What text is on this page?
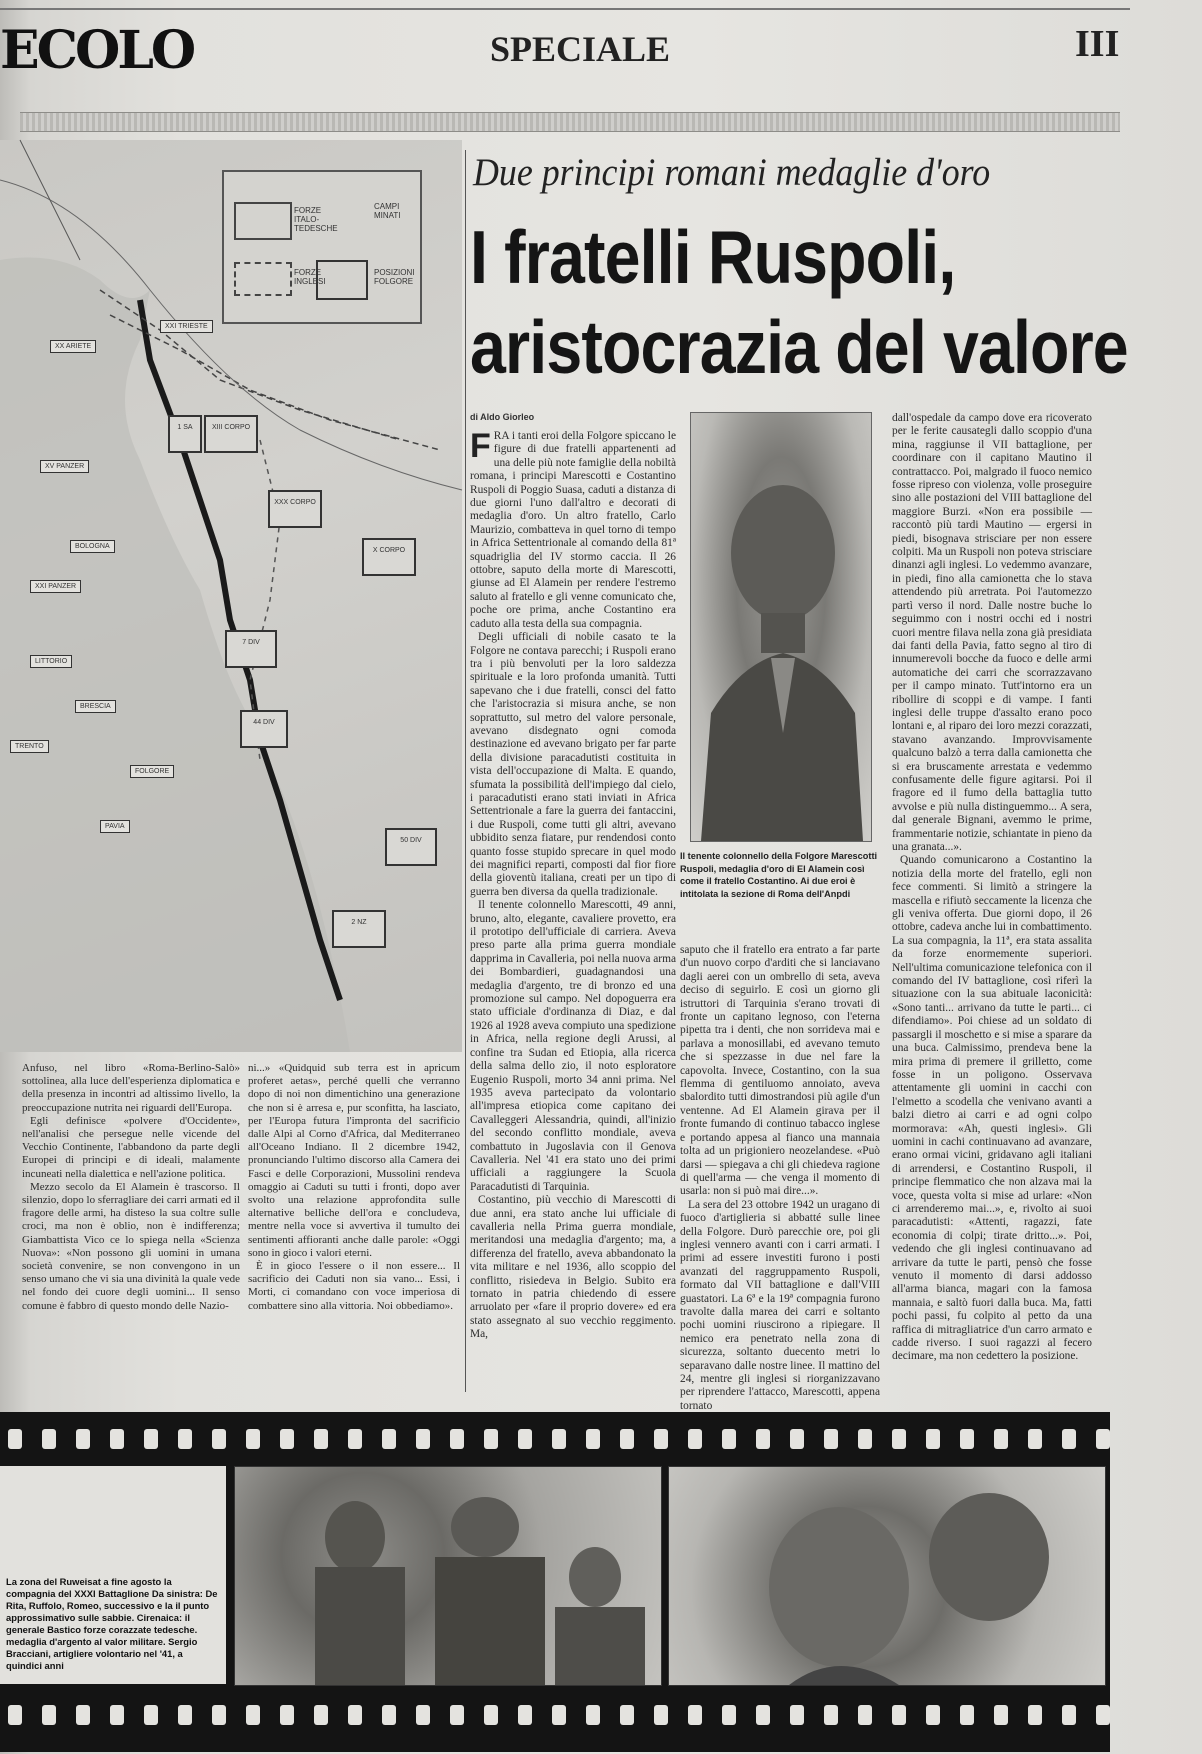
ECOLO	SPECIALE	III
FORZE ITALO-TEDESCHE
CAMPI MINATI
FORZE INGLESI
POSIZIONI FOLGORE
XX ARIETE
XXI TRIESTE
BOLOGNA
BRESCIA
PAVIA
FOLGORE
TRENTO
LITTORIO
XV PANZER
XXI PANZER
XIII CORPO
XXX CORPO
X CORPO
7 DIV
44 DIV
50 DIV
2 NZ
1 SA

Anfuso, nel libro «Roma-Berlino-Salò» sottolinea, alla luce dell'esperienza diplomatica e della presenza in incontri ad altissimo livello, la preoccupazione nutrita nei riguardi dell'Europa.

Egli definisce «polvere d'Occidente», nell'analisi che persegue nelle vicende del Vecchio Continente, l'abbandono da parte degli Europei di principi e di ideali, malamente incuneati nella dialettica e nell'azione politica.

Mezzo secolo da El Alamein è trascorso. Il silenzio, dopo lo sferragliare dei carri armati ed il fragore delle armi, ha disteso la sua coltre sulle croci, ma non è oblio, non è indifferenza; Giambattista Vico ce lo spiega nella «Scienza Nuova»: «Non possono gli uomini in umana società convenire, se non convengono in un senso umano che vi sia una divinità la quale vede nel fondo dei cuore degli uomini... Il senso comune è fabbro di questo mondo delle Nazio-

ni...» «Quidquid sub terra est in apricum proferet aetas», perché quelli che verranno dopo di noi non dimentichino una generazione che non si è arresa e, pur sconfitta, ha lasciato, per l'Europa futura l'impronta del sacrificio dalle Alpi al Corno d'Africa, dal Mediterraneo all'Oceano Indiano. Il 2 dicembre 1942, pronunciando l'ultimo discorso alla Camera dei Fasci e delle Corporazioni, Mussolini rendeva omaggio ai Caduti su tutti i fronti, dopo aver svolto una relazione approfondita sulle alternative belliche dell'ora e concludeva, mentre nella voce si avvertiva il tumulto dei sentimenti affioranti anche dalle parole: «Oggi sono in gioco i valori eterni.

È in gioco l'essere o il non essere... Il sacrificio dei Caduti non sia vano... Essi, i Morti, ci comandano con voce imperiosa di combattere sino alla vittoria. Noi obbediamo».

Due principi romani medaglie d'oro
I fratelli Ruspoli,
aristocrazia del valore
di Aldo Giorleo

FRA i tanti eroi della Folgore spiccano le figure di due fratelli appartenenti ad una delle più note famiglie della nobiltà romana, i principi Marescotti e Costantino Ruspoli di Poggio Suasa, caduti a distanza di due giorni l'uno dall'altro e decorati di medaglia d'oro. Un altro fratello, Carlo Maurizio, combatteva in quel torno di tempo in Africa Settentrionale al comando della 81ª squadriglia del IV stormo caccia. Il 26 ottobre, saputo della morte di Marescotti, giunse ad El Alamein per rendere l'estremo saluto al fratello e gli venne comunicato che, poche ore prima, anche Costantino era caduto alla testa della sua compagnia.

Degli ufficiali di nobile casato te la Folgore ne contava parecchi; i Ruspoli erano tra i più benvoluti per la loro saldezza spirituale e la loro profonda umanità. Tutti sapevano che i due fratelli, consci del fatto che l'aristocrazia si misura anche, se non soprattutto, sul metro del valore personale, avevano disdegnato ogni comoda destinazione ed avevano brigato per far parte della divisione paracadutisti costituita in vista dell'occupazione di Malta. E quando, sfumata la possibilità dell'impiego dal cielo, i paracadutisti erano stati inviati in Africa Settentrionale a fare la guerra dei fantaccini, i due Ruspoli, come tutti gli altri, avevano ubbidito senza fiatare, pur rendendosi conto quanto fosse stupido sprecare in quel modo dei magnifici reparti, composti dal fior fiore della gioventù italiana, creati per un tipo di guerra ben diversa da quella tradizionale.

Il tenente colonnello Marescotti, 49 anni, bruno, alto, elegante, cavaliere provetto, era il prototipo dell'ufficiale di carriera. Aveva preso parte alla prima guerra mondiale dapprima in Cavalleria, poi nella nuova arma dei Bombardieri, guadagnandosi una medaglia d'argento, tre di bronzo ed una promozione sul campo. Nel dopoguerra era stato ufficiale d'ordinanza di Diaz, e dal 1926 al 1928 aveva compiuto una spedizione in Africa, nella regione degli Arussi, al confine tra Sudan ed Etiopia, alla ricerca della salma dello zio, il noto esploratore Eugenio Ruspoli, morto 34 anni prima. Nel 1935 aveva partecipato da volontario all'impresa etiopica come capitano dei Cavalleggeri Alessandria, quindi, all'inizio del secondo conflitto mondiale, aveva combattuto in Jugoslavia con il Genova Cavalleria. Nel '41 era stato uno dei primi ufficiali a raggiungere la Scuola Paracadutisti di Tarquinia.

Costantino, più vecchio di Marescotti di due anni, era stato anche lui ufficiale di cavalleria nella Prima guerra mondiale, meritandosi una medaglia d'argento; ma, a differenza del fratello, aveva abbandonato la vita militare e nel 1936, allo scoppio del conflitto, risiedeva in Belgio. Subito era tornato in patria chiedendo di essere arruolato per «fare il proprio dovere» ed era stato assegnato al suo vecchio reggimento. Ma,

Il tenente colonnello della Folgore Marescotti Ruspoli, medaglia d'oro di El Alamein così come il fratello Costantino. Ai due eroi è intitolata la sezione di Roma dell'Anpdi

saputo che il fratello era entrato a far parte d'un nuovo corpo d'arditi che si lanciavano dagli aerei con un ombrello di seta, aveva deciso di seguirlo. E così un giorno gli istruttori di Tarquinia s'erano trovati di fronte un capitano legnoso, con l'eterna pipetta tra i denti, che non sorrideva mai e parlava a monosillabi, ed avevano temuto che si spezzasse in due nel fare la capovolta. Invece, Costantino, con la sua flemma di gentiluomo annoiato, aveva sbalordito tutti dimostrandosi più agile d'un ventenne. Ad El Alamein girava per il fronte fumando di continuo tabacco inglese e portando appesa al fianco una mannaia tolta ad un prigioniero neozelandese. «Può darsi — spiegava a chi gli chiedeva ragione di quell'arma — che venga il momento di usarla: non si può mai dire...».

La sera del 23 ottobre 1942 un uragano di fuoco d'artiglieria si abbatté sulle linee della Folgore. Durò parecchie ore, poi gli inglesi vennero avanti con i carri armati. I primi ad essere investiti furono i posti avanzati del raggruppamento Ruspoli, formato dal VII battaglione e dall'VIII guastatori. La 6ª e la 19ª compagnia furono travolte dalla marea dei carri e soltanto pochi uomini riuscirono a ripiegare. Il nemico era penetrato nella zona di sicurezza, soltanto duecento metri lo separavano dalle nostre linee. Il mattino del 24, mentre gli inglesi si riorganizzavano per riprendere l'attacco, Marescotti, appena tornato

dall'ospedale da campo dove era ricoverato per le ferite causategli dallo scoppio d'una mina, raggiunse il VII battaglione, per coordinare con il capitano Mautino il contrattacco. Poi, malgrado il fuoco nemico fosse ripreso con violenza, volle proseguire sino alle postazioni del VIII battaglione del maggiore Burzi. «Non era possibile — raccontò più tardi Mautino — ergersi in piedi, bisognava strisciare per non essere colpiti. Ma un Ruspoli non poteva strisciare dinanzi agli inglesi. Lo vedemmo avanzare, in piedi, fino alla camionetta che lo stava attendendo più arretrata. Poi l'automezzo partì verso il nord. Dalle nostre buche lo seguimmo con i nostri occhi ed i nostri cuori mentre filava nella zona già presidiata dai fanti della Pavia, fatto segno al tiro di innumerevoli bocche da fuoco e delle armi automatiche dei carri che scorrazzavano per il campo minato. Tutt'intorno era un ribollire di scoppi e di vampe. I fanti inglesi delle truppe d'assalto erano poco lontani e, al riparo dei loro mezzi corazzati, stavano avanzando. Improvvisamente qualcuno balzò a terra dalla camionetta che si era bruscamente arrestata e vedemmo confusamente delle figure agitarsi. Poi il fragore ed il fumo della battaglia tutto avvolse e più nulla distinguemmo... A sera, dal generale Bignani, avemmo le prime, frammentarie notizie, schiantate in pieno da una granata...».

Quando comunicarono a Costantino la notizia della morte del fratello, egli non fece commenti. Si limitò a stringere la mascella e rifiutò seccamente la licenza che gli veniva offerta. Due giorni dopo, il 26 ottobre, cadeva anche lui in combattimento. La sua compagnia, la 11ª, era stata assalita da forze enormemente superiori. Nell'ultima comunicazione telefonica con il comando del IV battaglione, così riferì la situazione con la sua abituale laconicità: «Sono tanti... arrivano da tutte le parti... ci difendiamo». Poi chiese ad un soldato di passargli il moschetto e si mise a sparare da una buca. Calmissimo, prendeva bene la mira prima di premere il grilletto, come fosse in un poligono. Osservava attentamente gli uomini in cacchi con l'elmetto a scodella che venivano avanti a balzi dietro ai carri e ad ogni colpo mormorava: «Ah, questi inglesi». Gli uomini in cachi continuavano ad avanzare, erano ormai vicini, gridavano agli italiani di arrendersi, e Costantino Ruspoli, il principe flemmatico che non alzava mai la voce, questa volta si mise ad urlare: «Non ci arrenderemo mai...», e, rivolto ai suoi paracadutisti: «Attenti, ragazzi, fate economia di colpi; tirate dritto...». Poi, vedendo che gli inglesi continuavano ad arrivare da tutte le parti, pensò che fosse venuto il momento di darsi addosso all'arma bianca, magari con la famosa mannaia, e saltò fuori dalla buca. Ma, fatti pochi passi, fu colpito al petto da una raffica di mitragliatrice d'un carro armato e cadde riverso. I suoi ragazzi al fecero decimare, ma non cedettero la posizione.

La zona del Ruweisat a fine agosto la compagnia del XXXI Battaglione Da sinistra: De Rita, Ruffolo, Romeo, successivo e la il punto approssimativo sulle sabbie. Cirenaica: il generale Bastico forze corazzate tedesche. medaglia d'argento al valor militare. Sergio Bracciani, artigliere volontario nel '41, a quindici anni
